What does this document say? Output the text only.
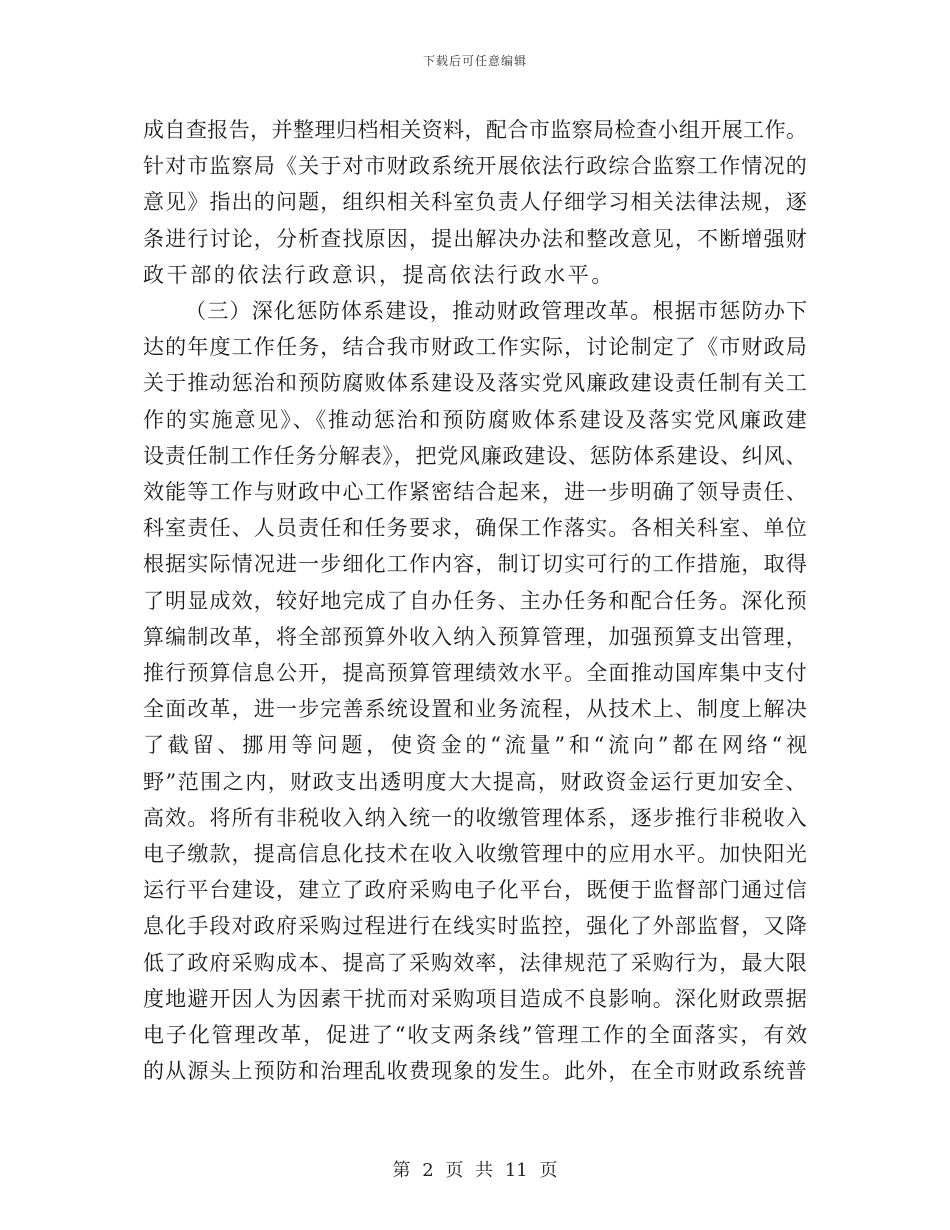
下载后可任意编辑
成自查报告，并整理归档相关资料，配合市监察局检查小组开展工作。
针对市监察局《关于对市财政系统开展依法行政综合监察工作情况的
意见》指出的问题，组织相关科室负责人仔细学习相关法律法规，逐
条进行讨论，分析查找原因，提出解决办法和整改意见，不断增强财
政干部的依法行政意识，提高依法行政水平。
（三）深化惩防体系建设，推动财政管理改革。根据市惩防办下
达的年度工作任务，结合我市财政工作实际，讨论制定了《市财政局
关于推动惩治和预防腐败体系建设及落实党风廉政建设责任制有关工
作的实施意见》、《推动惩治和预防腐败体系建设及落实党风廉政建
设责任制工作任务分解表》，把党风廉政建设、惩防体系建设、纠风、
效能等工作与财政中心工作紧密结合起来，进一步明确了领导责任、
科室责任、人员责任和任务要求，确保工作落实。各相关科室、单位
根据实际情况进一步细化工作内容，制订切实可行的工作措施，取得
了明显成效，较好地完成了自办任务、主办任务和配合任务。深化预
算编制改革，将全部预算外收入纳入预算管理，加强预算支出管理，
推行预算信息公开，提高预算管理绩效水平。全面推动国库集中支付
全面改革，进一步完善系统设置和业务流程，从技术上、制度上解决
了截留、挪用等问题，使资金的“流量”和“流向”都在网络“视
野”范围之内，财政支出透明度大大提高，财政资金运行更加安全、
高效。将所有非税收入纳入统一的收缴管理体系，逐步推行非税收入
电子缴款，提高信息化技术在收入收缴管理中的应用水平。加快阳光
运行平台建设，建立了政府采购电子化平台，既便于监督部门通过信
息化手段对政府采购过程进行在线实时监控，强化了外部监督，又降
低了政府采购成本、提高了采购效率，法律规范了采购行为，最大限
度地避开因人为因素干扰而对采购项目造成不良影响。深化财政票据
电子化管理改革，促进了“收支两条线”管理工作的全面落实，有效
的从源头上预防和治理乱收费现象的发生。此外，在全市财政系统普
第 2 页 共 11 页
